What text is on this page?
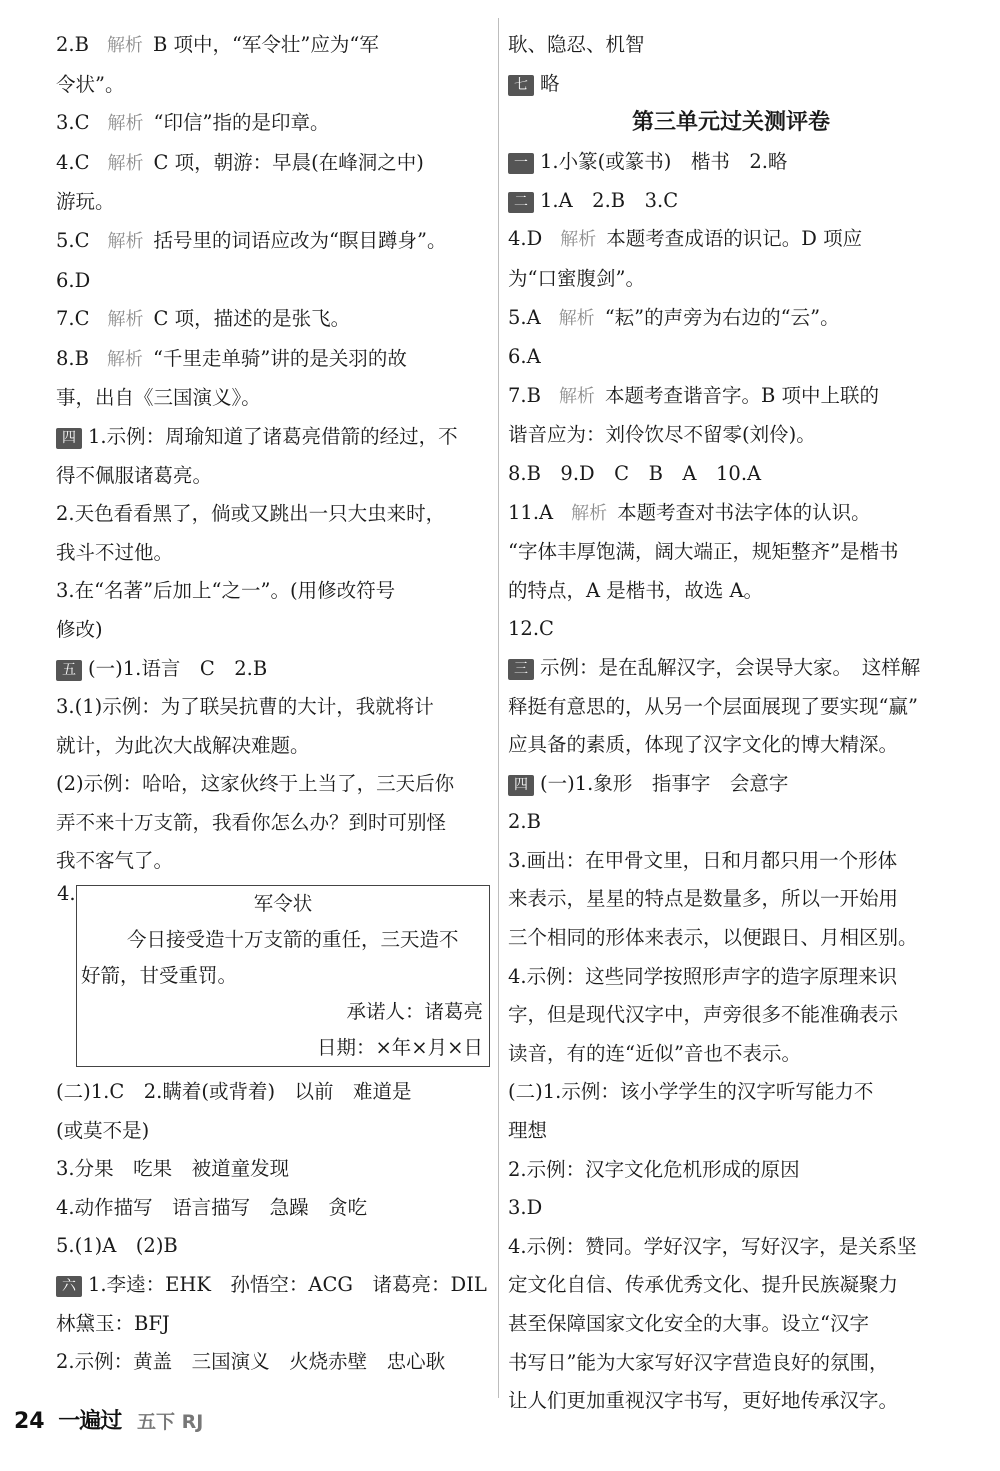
2.B 解析 B 项中，“军令壮”应为“军
令状”。
3.C 解析 “印信”指的是印章。
4.C 解析 C 项，朝游：早晨(在峰洞之中)
游玩。
5.C 解析 括号里的词语应改为“瞑目蹲身”。
6.D
7.C 解析 C 项，描述的是张飞。
8.B 解析 “千里走单骑”讲的是关羽的故
事，出自《三国演义》。
四 1.示例：周瑜知道了诸葛亮借箭的经过，不
得不佩服诸葛亮。
2.天色看看黑了，倘或又跳出一只大虫来时，
我斗不过他。
3.在“名著”后加上“之一”。(用修改符号
修改)
五 (一)1.语言　C　2.B
3.(1)示例：为了联吴抗曹的大计，我就将计
就计，为此次大战解决难题。
(2)示例：哈哈，这家伙终于上当了，三天后你
弄不来十万支箭，我看你怎么办？到时可别怪
我不客气了。
4.	军令状
今日接受造十万支箭的重任，三天造不
好箭，甘受重罚。
承诺人：诸葛亮
日期：×年×月×日
(二)1.C　2.瞒着(或背着)　以前　难道是
(或莫不是)
3.分果　吃果　被道童发现
4.动作描写　语言描写　急躁　贪吃
5.(1)A　(2)B
六 1.李逵：EHK　孙悟空：ACG　诸葛亮：DIL
林黛玉：BFJ
2.示例：黄盖　三国演义　火烧赤壁　忠心耿
耿、隐忍、机智
七 略
第三单元过关测评卷
一 1.小篆(或篆书)　楷书　2.略
二 1.A　2.B　3.C
4.D 解析 本题考查成语的识记。D 项应
为“口蜜腹剑”。
5.A 解析 “耘”的声旁为右边的“云”。
6.A
7.B 解析 本题考查谐音字。B 项中上联的
谐音应为：刘伶饮尽不留零(刘伶)。
8.B　9.D　C　B　A　10.A
11.A 解析 本题考查对书法字体的认识。
“字体丰厚饱满，阔大端正，规矩整齐”是楷书
的特点，A 是楷书，故选 A。
12.C
三 示例：是在乱解汉字，会误导大家。　这样解
释挺有意思的，从另一个层面展现了要实现“赢”
应具备的素质，体现了汉字文化的博大精深。
四 (一)1.象形　指事字　会意字
2.B
3.画出：在甲骨文里，日和月都只用一个形体
来表示，星星的特点是数量多，所以一开始用
三个相同的形体来表示，以便跟日、月相区别。
4.示例：这些同学按照形声字的造字原理来识
字，但是现代汉字中，声旁很多不能准确表示
读音，有的连“近似”音也不表示。
(二)1.示例：该小学学生的汉字听写能力不
理想
2.示例：汉字文化危机形成的原因
3.D
4.示例：赞同。学好汉字，写好汉字，是关系坚
定文化自信、传承优秀文化、提升民族凝聚力
甚至保障国家文化安全的大事。设立“汉字
书写日”能为大家写好汉字营造良好的氛围，
让人们更加重视汉字书写，更好地传承汉字。
24 一遍过 五下 RJ
